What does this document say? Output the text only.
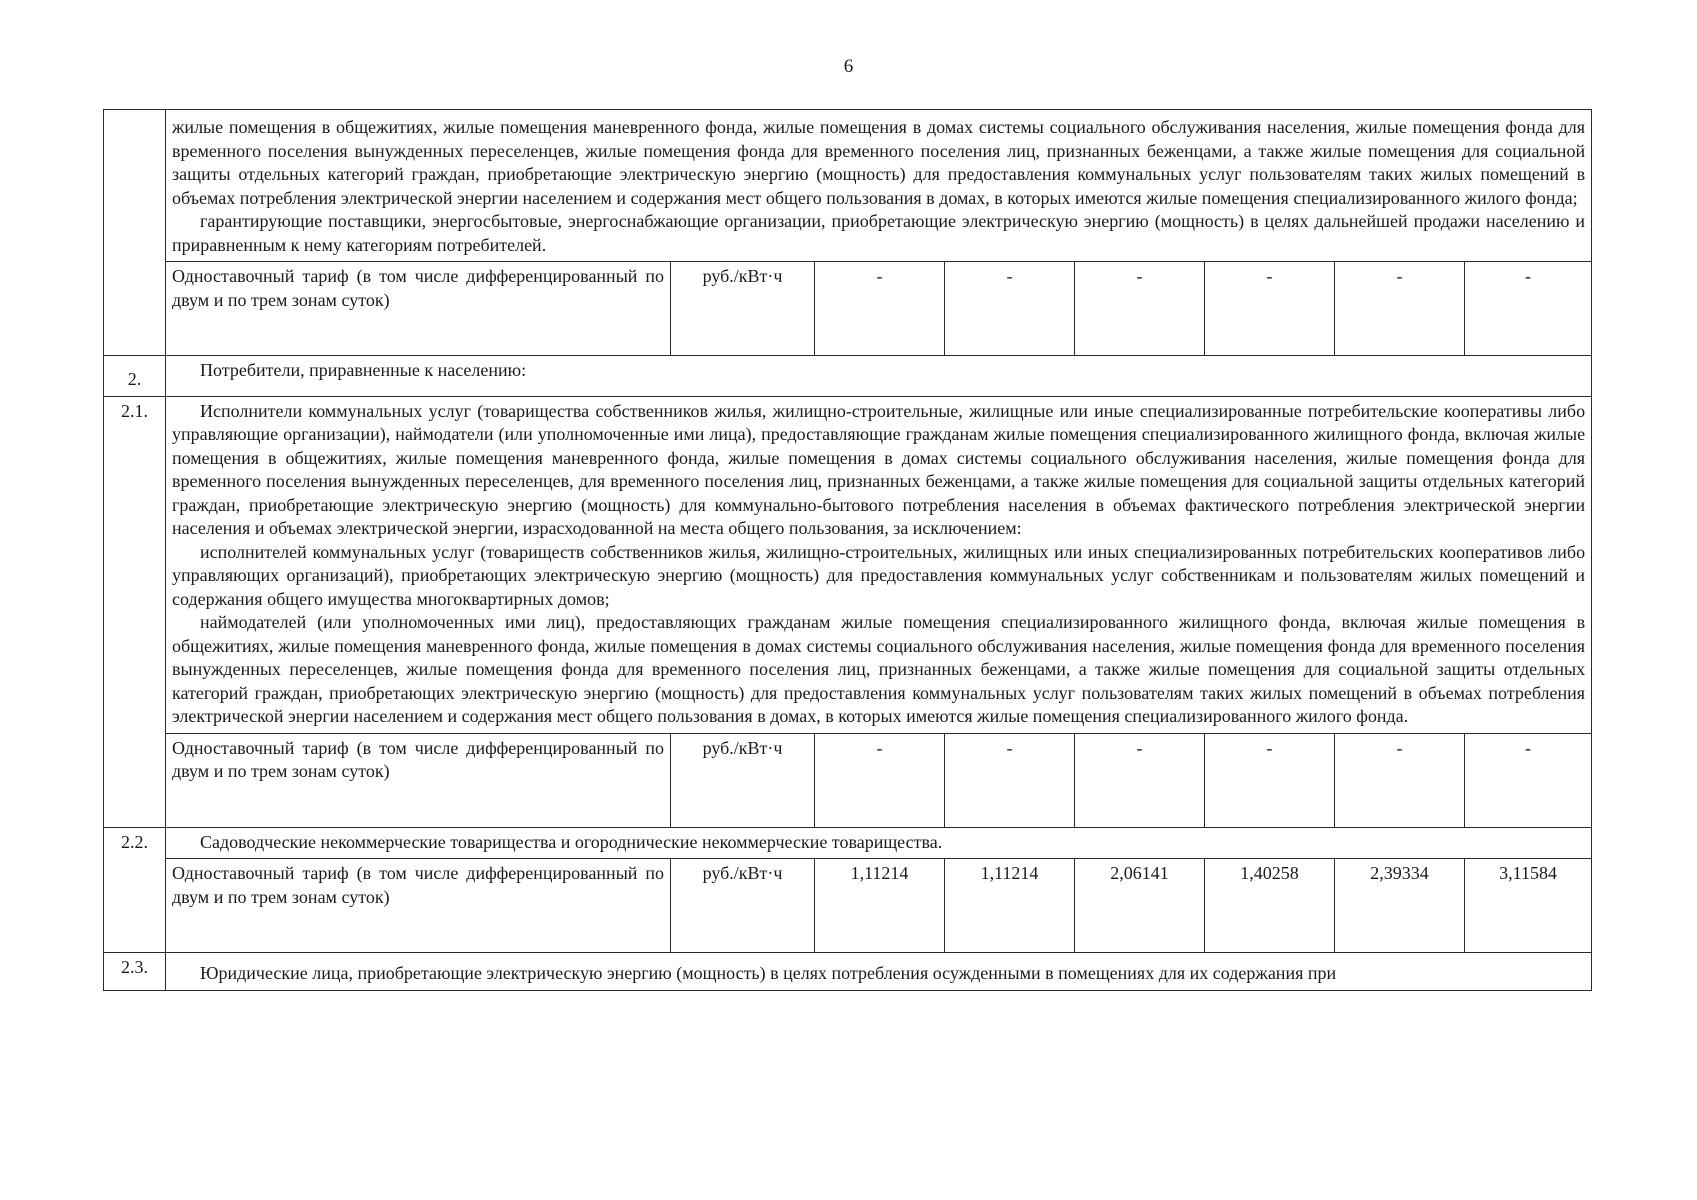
6

	жилые помещения в общежитиях, жилые помещения маневренного фонда, жилые помещения в домах системы социального обслуживания населения, жилые помещения фонда для временного поселения вынужденных переселенцев, жилые помещения фонда для временного поселения лиц, признанных беженцами, а также жилые помещения для социальной защиты отдельных категорий граждан, приобретающие электрическую энергию (мощность) для предоставления коммунальных услуг пользователям таких жилых помещений в объемах потребления электрической энергии населением и содержания мест общего пользования в домах, в которых имеются жилые помещения специализированного жилого фонда;
гарантирующие поставщики, энергосбытовые, энергоснабжающие организации, приобретающие электрическую энергию (мощность) в целях дальнейшей продажи населению и приравненным к нему категориям потребителей.							

	Одноставочный тариф (в том числе дифференцированный по двум и по трем зонам суток)	руб./кВт·ч	-	-	-	-	-	-
2.	Потребители, приравненные к населению:							

2.1.	Исполнители коммунальных услуг (товарищества собственников жилья, жилищно-строительные, жилищные или иные специализированные потребительские кооперативы либо управляющие организации), наймодатели (или уполномоченные ими лица), предоставляющие гражданам жилые помещения специализированного жилищного фонда, включая жилые помещения в общежитиях, жилые помещения маневренного фонда, жилые помещения в домах системы социального обслуживания населения, жилые помещения фонда для временного поселения вынужденных переселенцев, для временного поселения лиц, признанных беженцами, а также жилые помещения для социальной защиты отдельных категорий граждан, приобретающие электрическую энергию (мощность) для коммунально-бытового потребления населения в объемах фактического потребления электрической энергии населения и объемах электрической энергии, израсходованной на места общего пользования, за исключением:
исполнителей коммунальных услуг (товариществ собственников жилья, жилищно-строительных, жилищных или иных специализированных потребительских кооперативов либо управляющих организаций), приобретающих электрическую энергию (мощность) для предоставления коммунальных услуг собственникам и пользователям жилых помещений и содержания общего имущества многоквартирных домов;
наймодателей (или уполномоченных ими лиц), предоставляющих гражданам жилые помещения специализированного жилищного фонда, включая жилые помещения в общежитиях, жилые помещения маневренного фонда, жилые помещения в домах системы социального обслуживания населения, жилые помещения фонда для временного поселения вынужденных переселенцев, жилые помещения фонда для временного поселения лиц, признанных беженцами, а также жилые помещения для социальной защиты отдельных категорий граждан, приобретающих электрическую энергию (мощность) для предоставления коммунальных услуг пользователям таких жилых помещений в объемах потребления электрической энергии населением и содержания мест общего пользования в домах, в которых имеются жилые помещения специализированного жилого фонда.							

	Одноставочный тариф (в том числе дифференцированный по двум и по трем зонам суток)	руб./кВт·ч	-	-	-	-	-	-
2.2.	Садоводческие некоммерческие товарищества и огороднические некоммерческие товарищества.							

	Одноставочный тариф (в том числе дифференцированный по двум и по трем зонам суток)	руб./кВт·ч	1,11214	1,11214	2,06141	1,40258	2,39334	3,11584
2.3.	Юридические лица, приобретающие электрическую энергию (мощность) в целях потребления осужденными в помещениях для их содержания при							
